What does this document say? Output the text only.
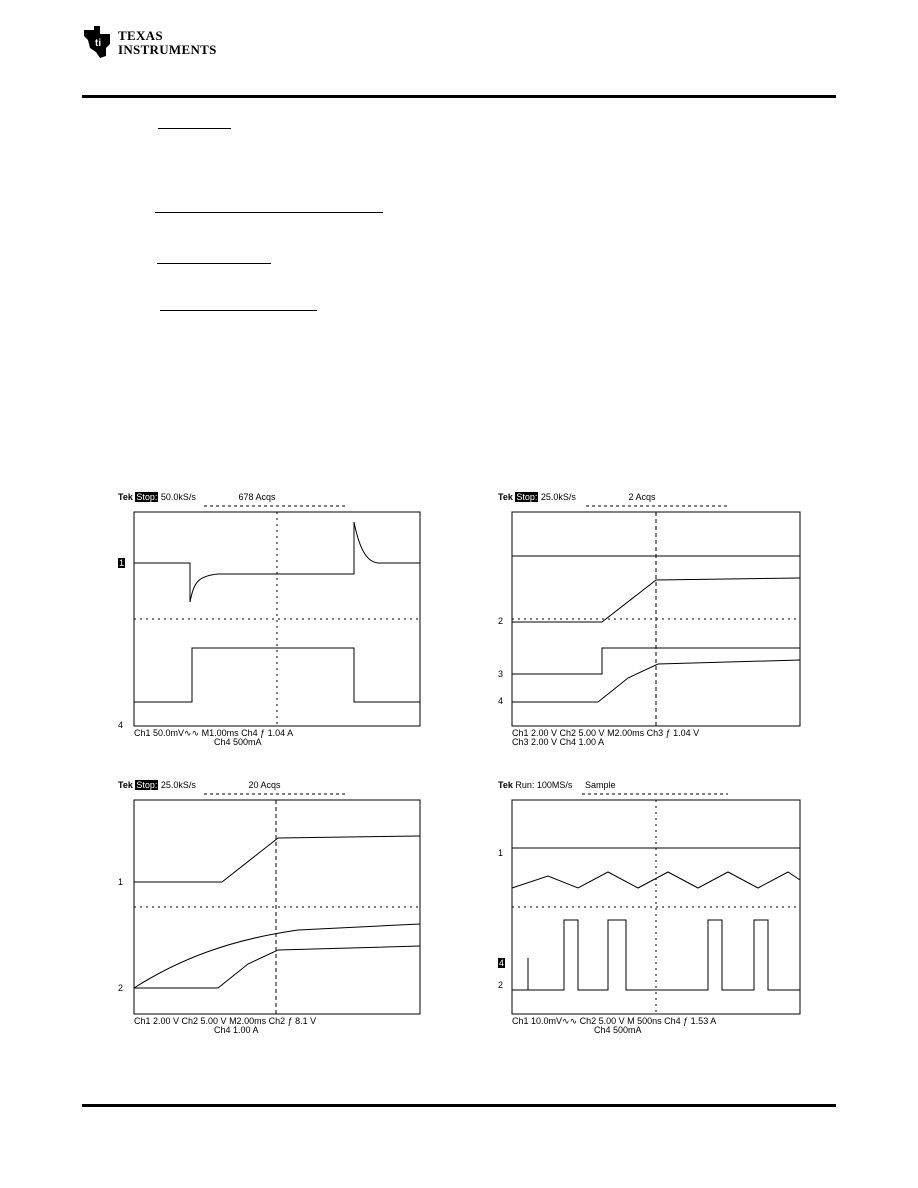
ti
TEXAS
INSTRUMENTS
Tek Stop: 50.0kS/s	678 Acqs
1
4
Ch1 50.0mV∿∿ M1.00ms Ch4 ƒ 1.04 A
Ch4 500mA
Tek Stop: 25.0kS/s	2 Acqs
2
3
4
Ch1 2.00 V Ch2 5.00 V M2.00ms Ch3 ƒ 1.04 V
Ch3 2.00 V Ch4 1.00 A
Tek Stop: 25.0kS/s	20 Acqs
1
2
Ch1 2.00 V Ch2 5.00 V M2.00ms Ch2 ƒ 8.1 V
Ch4 1.00 A
Tek Run: 100MS/s Sample
1
4
2
Ch1 10.0mV∿∿ Ch2 5.00 V M 500ns Ch4 ƒ 1.53 A
Ch4 500mA
